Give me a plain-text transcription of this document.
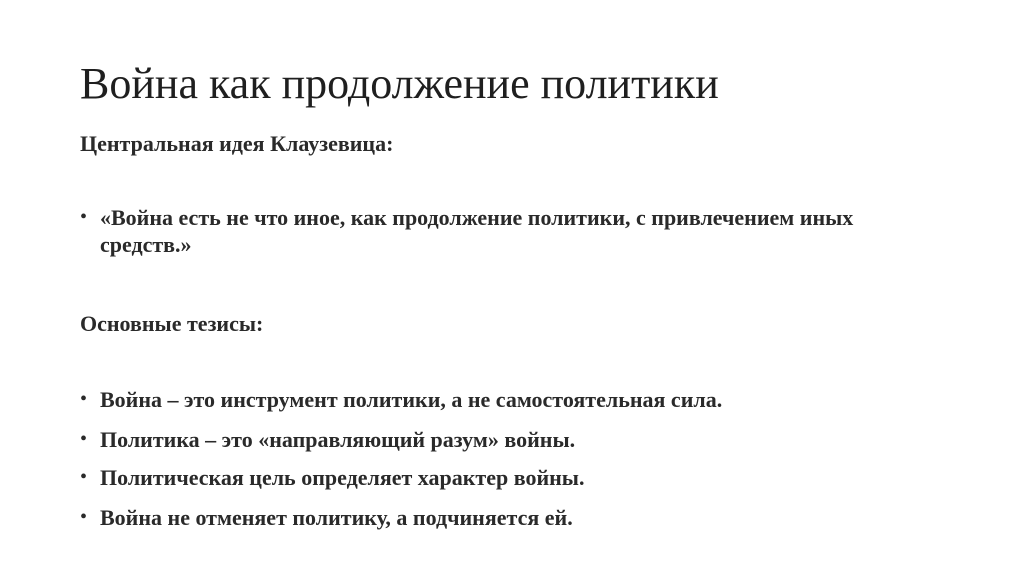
Война как продолжение политики

Центральная идея Клаузевица:

• «Война есть не что иное, как продолжение политики, с привлечением иных средств.»

Основные тезисы:

• Война – это инструмент политики, а не самостоятельная сила.
• Политика – это «направляющий разум» войны.
• Политическая цель определяет характер войны.
• Война не отменяет политику, а подчиняется ей.
